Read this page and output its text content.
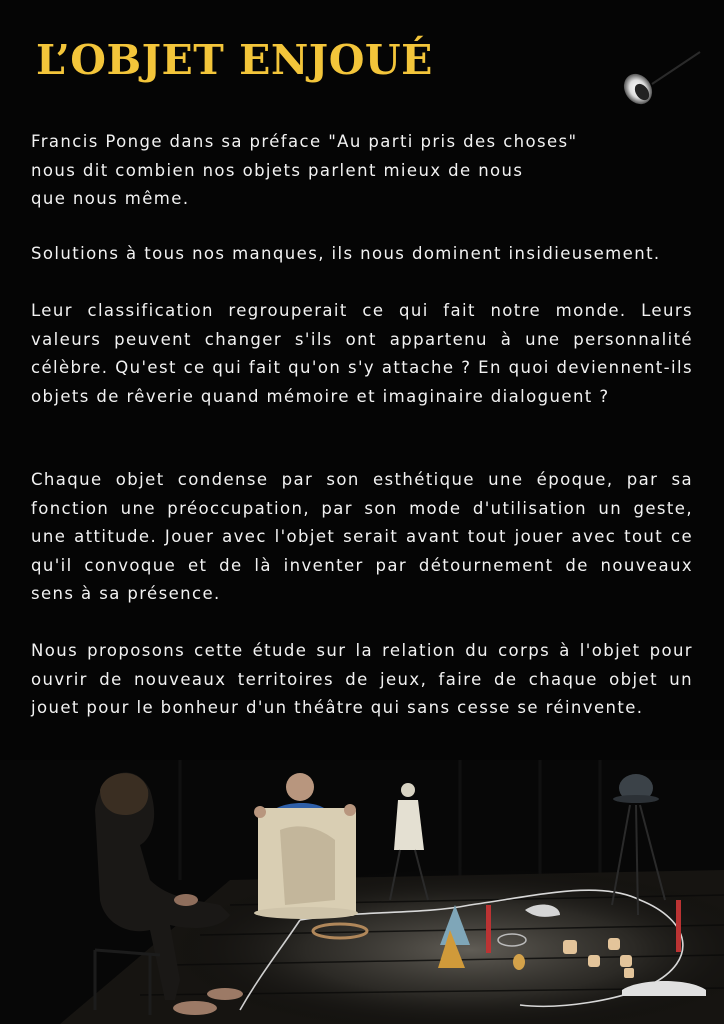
L’OBJET ENJOUÉ
Francis Ponge dans sa préface "Au parti pris des choses"
nous dit combien nos objets parlent mieux de nous
que nous même.

Solutions à tous nos manques, ils nous dominent insidieusement.

Leur classification regrouperait ce qui fait notre monde. Leurs valeurs peuvent changer s'ils ont appartenu à une personnalité célèbre. Qu'est ce qui fait qu'on s'y attache ? En quoi deviennent-ils objets de rêverie quand mémoire et imaginaire dialoguent ?

Chaque objet condense par son esthétique une époque, par sa fonction une préoccupation, par son mode d'utilisation un geste, une attitude. Jouer avec l'objet serait avant tout jouer avec tout ce qu'il convoque et de là inventer par détournement de nouveaux sens à sa présence.

Nous proposons cette étude sur la relation du corps à l'objet pour ouvrir de nouveaux territoires de jeux, faire de chaque objet un jouet pour le bonheur d'un théâtre qui sans cesse se réinvente.
